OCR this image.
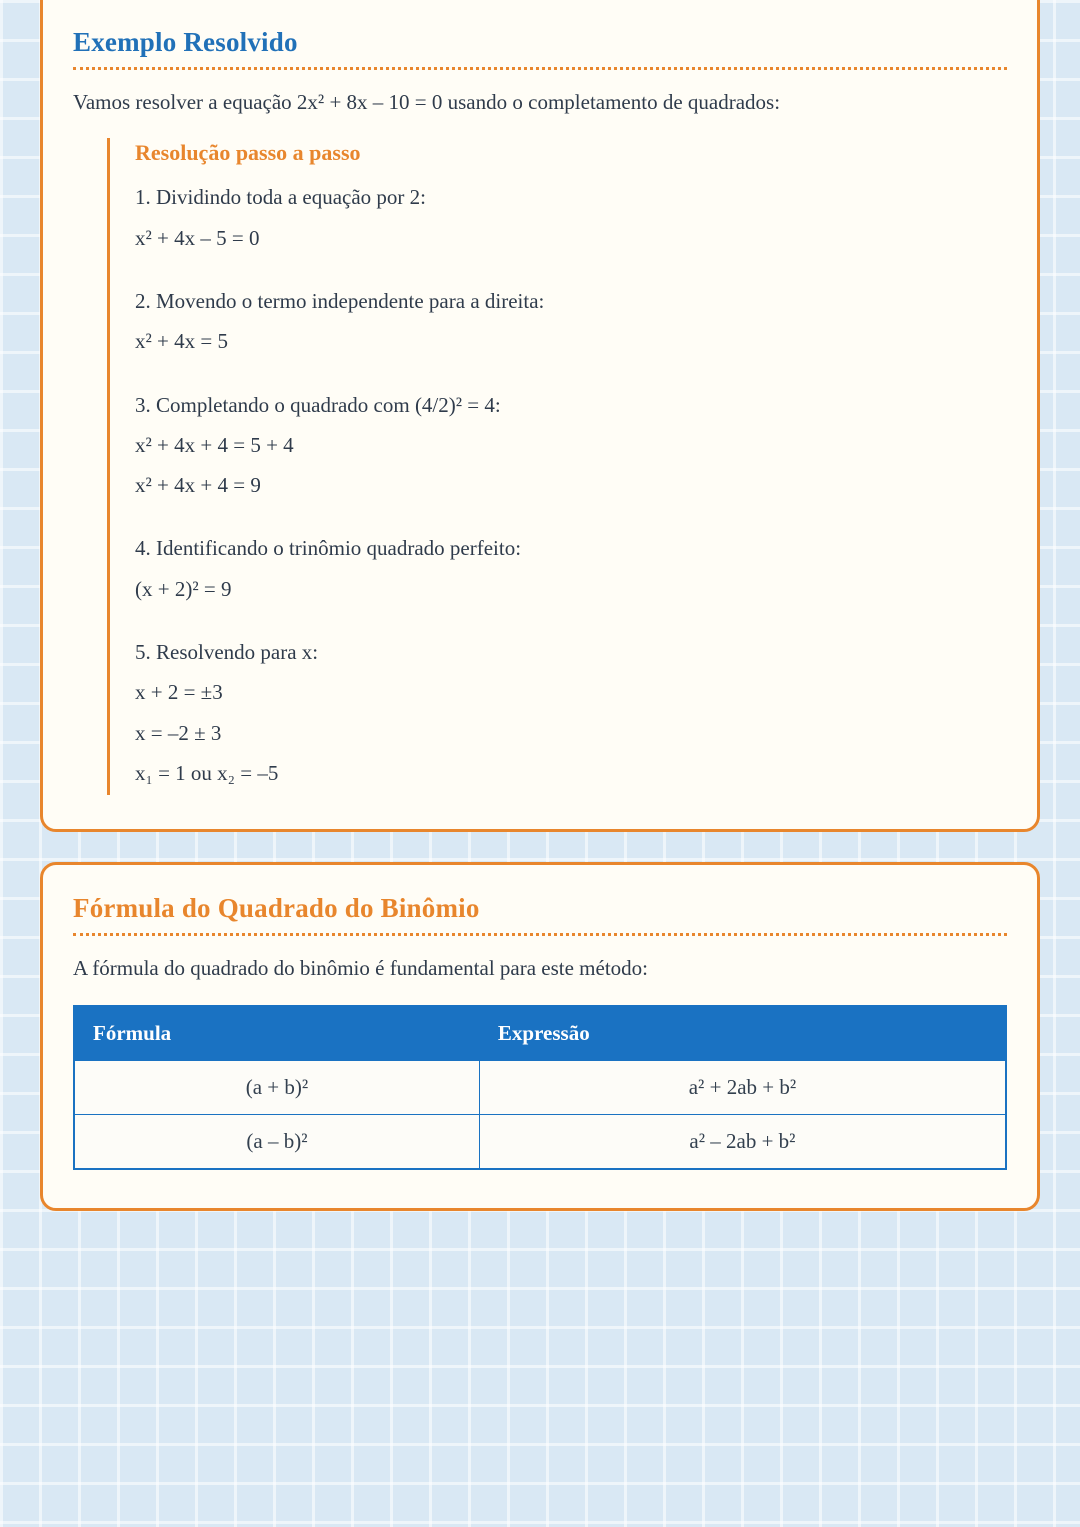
Exemplo Resolvido

Vamos resolver a equação 2x² + 8x – 10 = 0 usando o completamento de quadrados:

Resolução passo a passo

1. Dividindo toda a equação por 2:

x² + 4x – 5 = 0

2. Movendo o termo independente para a direita:

x² + 4x = 5

3. Completando o quadrado com (4/2)² = 4:

x² + 4x + 4 = 5 + 4

x² + 4x + 4 = 9

4. Identificando o trinômio quadrado perfeito:

(x + 2)² = 9

5. Resolvendo para x:

x + 2 = ±3

x = –2 ± 3

x₁ = 1 ou x₂ = –5

Fórmula do Quadrado do Binômio

A fórmula do quadrado do binômio é fundamental para este método:

Fórmula	Expressão
(a + b)²	a² + 2ab + b²
(a – b)²	a² – 2ab + b²
